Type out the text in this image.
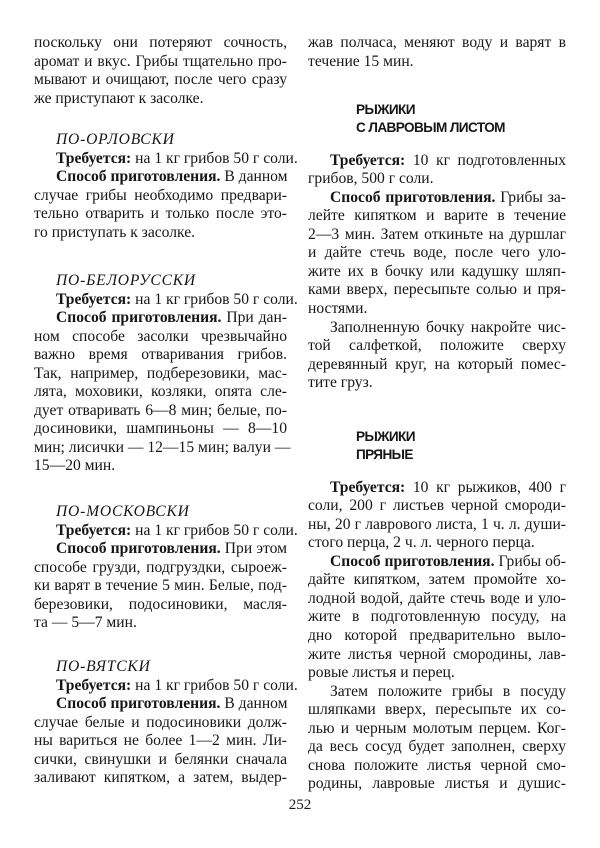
поскольку они потеряют сочность,
аромат и вкус. Грибы тщательно про-
мывают и очищают, после чего сразу
же приступают к засолке.
ПО-ОРЛОВСКИ
Требуется: на 1 кг грибов 50 г соли.
Способ приготовления. В данном
случае грибы необходимо предвари-
тельно отварить и только после это-
го приступать к засолке.
ПО-БЕЛОРУССКИ
Требуется: на 1 кг грибов 50 г соли.
Способ приготовления. При дан-
ном способе засолки чрезвычайно
важно время отваривания грибов.
Так, например, подберезовики, мас-
лята, моховики, козляки, опята сле-
дует отваривать 6—8 мин; белые, по-
досиновики, шампиньоны — 8—10
мин; лисички — 12—15 мин; валуи —
15—20 мин.
ПО-МОСКОВСКИ
Требуется: на 1 кг грибов 50 г соли.
Способ приготовления. При этом
способе грузди, подгруздки, сыроеж-
ки варят в течение 5 мин. Белые, под-
березовики, подосиновики, масля-
та — 5—7 мин.
ПО-ВЯТСКИ
Требуется: на 1 кг грибов 50 г соли.
Способ приготовления. В данном
случае белые и подосиновики долж-
ны вариться не более 1—2 мин. Ли-
сички, свинушки и белянки сначала
заливают кипятком, а затем, выдер-
жав полчаса, меняют воду и варят в
течение 15 мин.
РЫЖИКИ
С ЛАВРОВЫМ ЛИСТОМ
Требуется: 10 кг подготовленных
грибов, 500 г соли.
Способ приготовления. Грибы за-
лейте кипятком и варите в течение
2—3 мин. Затем откиньте на дуршлаг
и дайте стечь воде, после чего уло-
жите их в бочку или кадушку шляп-
ками вверх, пересыпьте солью и пря-
ностями.
Заполненную бочку накройте чис-
той салфеткой, положите сверху
деревянный круг, на который помес-
тите груз.
РЫЖИКИ
ПРЯНЫЕ
Требуется: 10 кг рыжиков, 400 г
соли, 200 г листьев черной смороди-
ны, 20 г лаврового листа, 1 ч. л. души-
стого перца, 2 ч. л. черного перца.
Способ приготовления. Грибы об-
дайте кипятком, затем промойте хо-
лодной водой, дайте стечь воде и уло-
жите в подготовленную посуду, на
дно которой предварительно выло-
жите листья черной смородины, лав-
ровые листья и перец.
Затем положите грибы в посуду
шляпками вверх, пересыпьте их со-
лью и черным молотым перцем. Ког-
да весь сосуд будет заполнен, сверху
снова положите листья черной смо-
родины, лавровые листья и душис-
252
